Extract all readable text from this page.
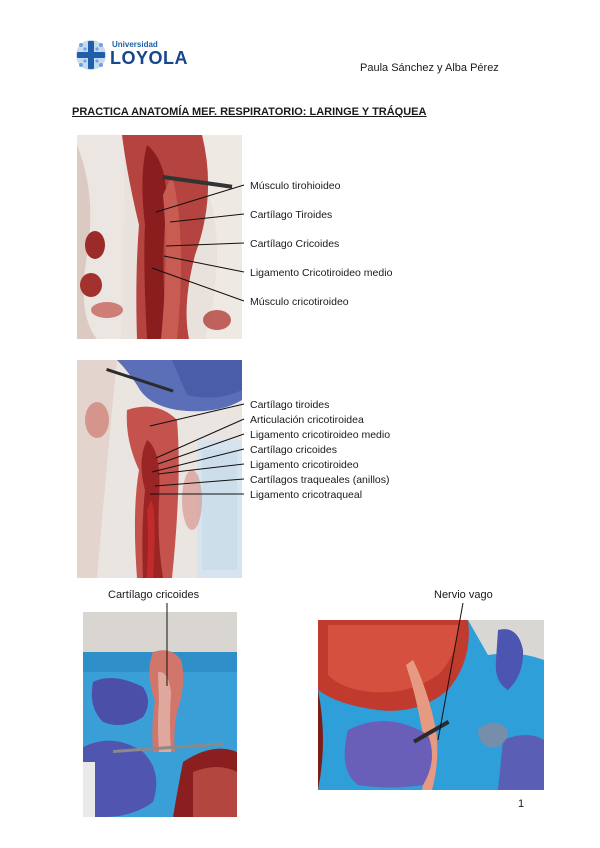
Universidad
LOYOLA	Paula Sánchez y Alba Pérez
PRACTICA ANATOMÍA MEF. RESPIRATORIO: LARINGE Y TRÁQUEA
Músculo tirohioideo
Cartílago Tiroides
Cartílago Cricoides
Ligamento Cricotiroideo medio
Músculo cricotiroideo
Cartílago tiroides
Articulación cricotiroidea
Ligamento cricotiroideo medio
Cartílago cricoides
Ligamento cricotiroideo
Cartílagos traqueales (anillos)
Ligamento cricotraqueal
Cartílago cricoides	Nervio vago
1
